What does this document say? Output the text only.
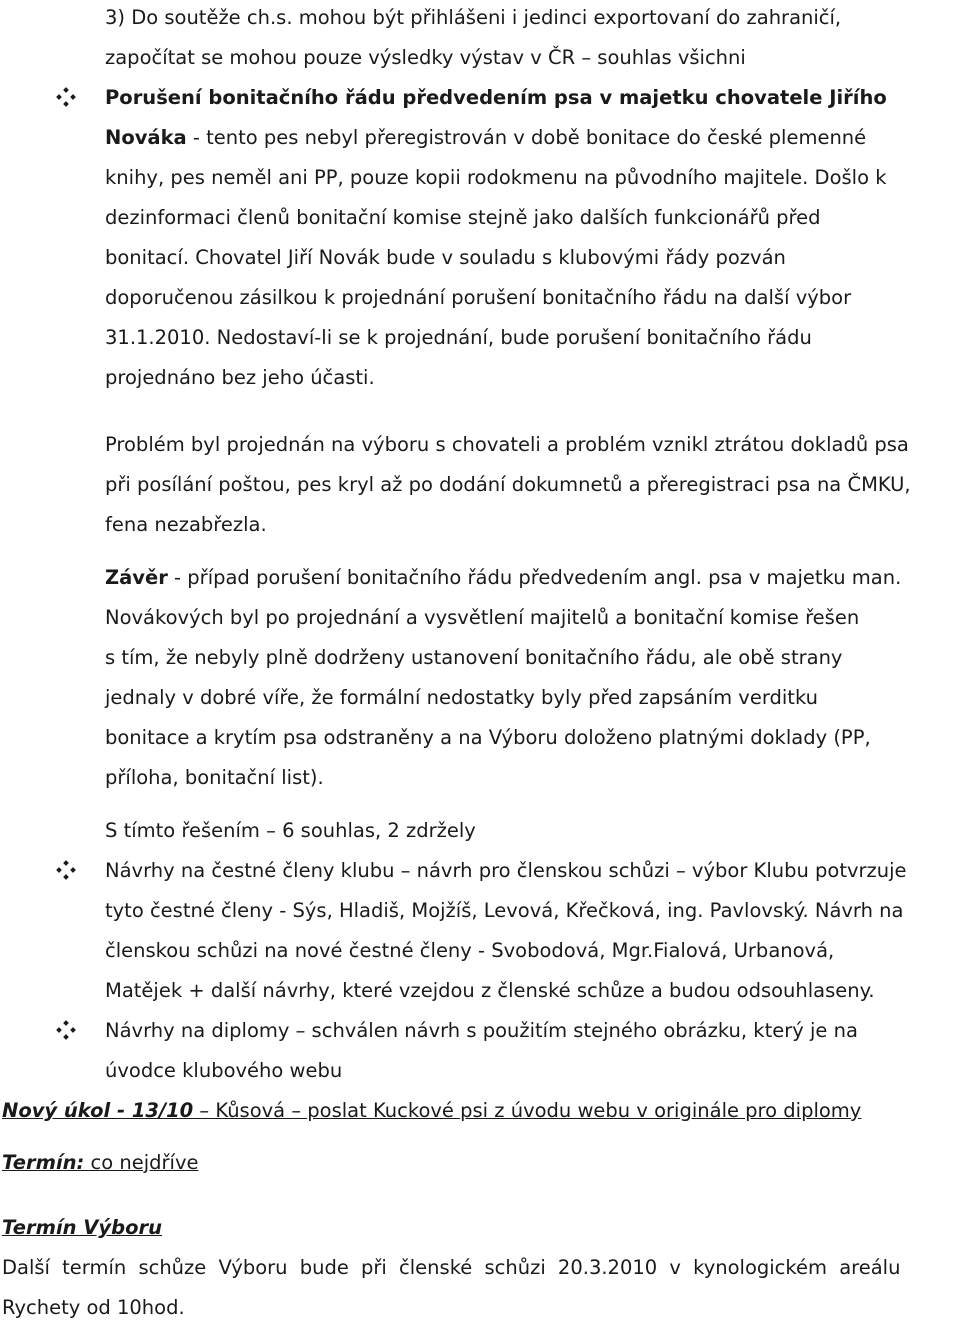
3) Do soutěže ch.s. mohou být přihlášeni i jedinci exportovaní do zahraničí,
započítat se mohou pouze výsledky výstav v ČR – souhlas všichni
Porušení bonitačního řádu předvedením psa v majetku chovatele Jiřího
Nováka - tento pes nebyl přeregistrován v době bonitace do české plemenné
knihy, pes neměl ani PP, pouze kopii rodokmenu na původního majitele. Došlo k
dezinformaci členů bonitační komise stejně jako dalších funkcionářů před
bonitací. Chovatel Jiří Novák bude v souladu s klubovými řády pozván
doporučenou zásilkou k projednání porušení bonitačního řádu na další výbor
31.1.2010. Nedostaví-li se k projednání, bude porušení bonitačního řádu
projednáno bez jeho účasti.
Problém byl projednán na výboru s chovateli a problém vznikl ztrátou dokladů psa
při posílání poštou, pes kryl až po dodání dokumnetů a přeregistraci psa na ČMKU,
fena nezabřezla.
Závěr - případ porušení bonitačního řádu předvedením angl. psa v majetku man.
Novákových byl po projednání a vysvětlení majitelů a bonitační komise řešen
s tím, že nebyly plně dodrženy ustanovení bonitačního řádu, ale obě strany
jednaly v dobré víře, že formální nedostatky byly před zapsáním verditku
bonitace a krytím psa odstraněny a na Výboru doloženo platnými doklady (PP,
příloha, bonitační list).
S tímto řešením – 6 souhlas, 2 zdržely
Návrhy na čestné členy klubu – návrh pro členskou schůzi – výbor Klubu potvrzuje
tyto čestné členy - Sýs, Hladiš, Mojžíš, Levová, Křečková, ing. Pavlovský. Návrh na
členskou schůzi na nové čestné členy - Svobodová, Mgr.Fialová, Urbanová,
Matějek + další návrhy, které vzejdou z členské schůze a budou odsouhlaseny.
Návrhy na diplomy – schválen návrh s použitím stejného obrázku, který je na
úvodce klubového webu
Nový úkol - 13/10 – Kůsová – poslat Kuckové psi z úvodu webu v originále pro diplomy
Termín: co nejdříve
Termín Výboru
Další termín schůze Výboru bude při členské schůzi 20.3.2010 v kynologickém areálu
Rychety od 10hod.
